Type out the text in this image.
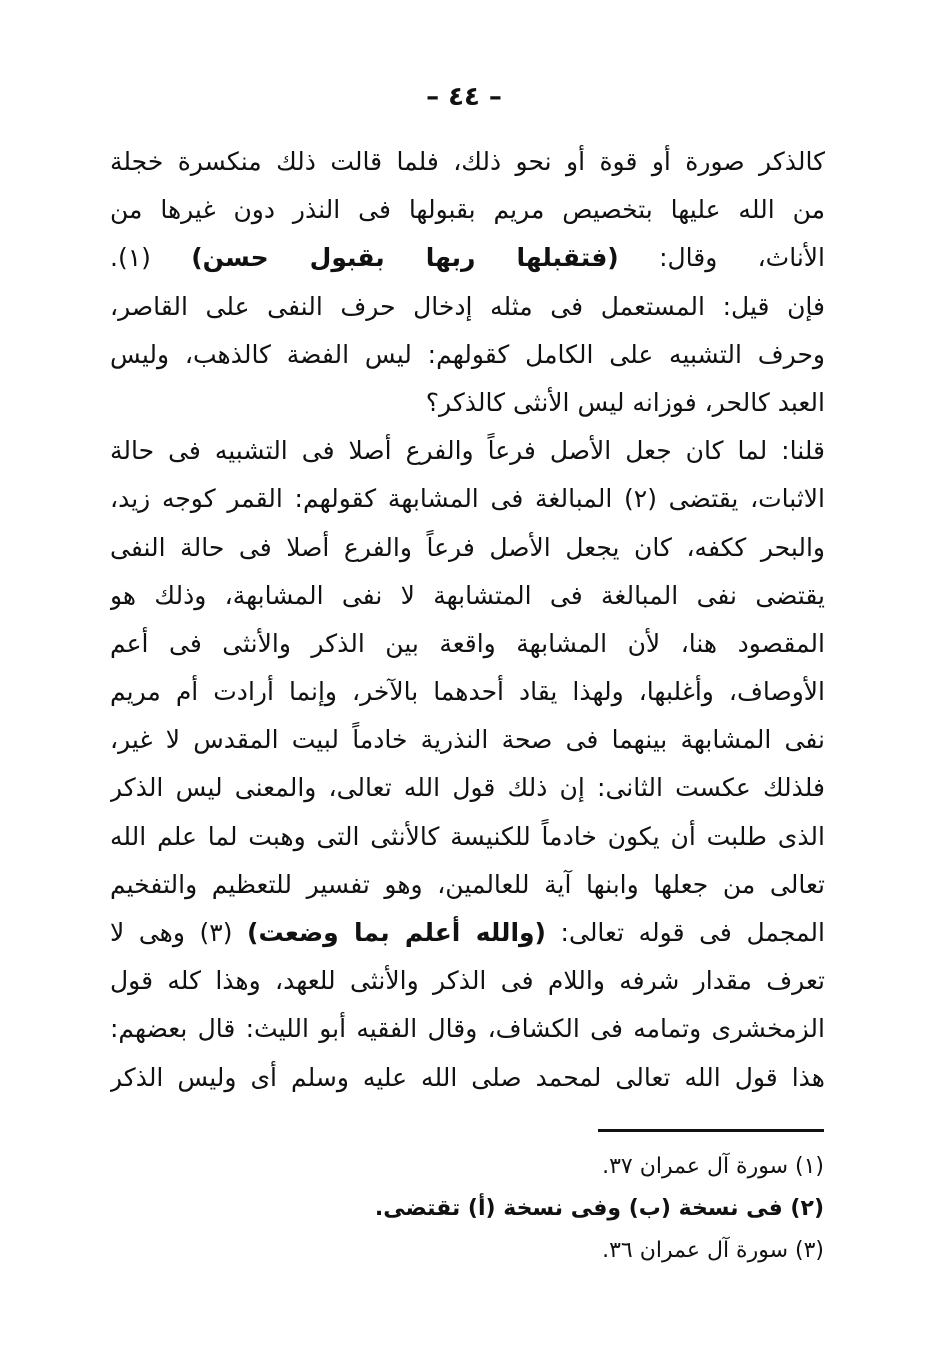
– ٤٤ –
كالذكر صورة أو قوة أو نحو ذلك، فلما قالت ذلك منكسرة خجلة
من الله عليها بتخصيص مريم بقبولها فى النذر دون غيرها من
الأناث، وقال: (فتقبلها ربها بقبول حسن) (١).
فإن قيل: المستعمل فى مثله إدخال حرف النفى على القاصر،
وحرف التشبيه على الكامل كقولهم: ليس الفضة كالذهب، وليس
العبد كالحر، فوزانه ليس الأنثى كالذكر؟
قلنا: لما كان جعل الأصل فرعاً والفرع أصلا فى التشبيه فى حالة
الاثبات، يقتضى (٢) المبالغة فى المشابهة كقولهم: القمر كوجه زيد،
والبحر ككفه، كان يجعل الأصل فرعاً والفرع أصلا فى حالة النفى
يقتضى نفى المبالغة فى المتشابهة لا نفى المشابهة، وذلك هو
المقصود هنا، لأن المشابهة واقعة بين الذكر والأنثى فى أعم
الأوصاف، وأغلبها، ولهذا يقاد أحدهما بالآخر، وإنما أرادت أم مريم
نفى المشابهة بينهما فى صحة النذرية خادماً لبيت المقدس لا غير،
فلذلك عكست الثانى: إن ذلك قول الله تعالى، والمعنى ليس الذكر
الذى طلبت أن يكون خادماً للكنيسة كالأنثى التى وهبت لما علم الله
تعالى من جعلها وابنها آية للعالمين، وهو تفسير للتعظيم والتفخيم
المجمل فى قوله تعالى: (والله أعلم بما وضعت) (٣) وهى لا
تعرف مقدار شرفه واللام فى الذكر والأنثى للعهد، وهذا كله قول
الزمخشرى وتمامه فى الكشاف، وقال الفقيه أبو الليث: قال بعضهم:
هذا قول الله تعالى لمحمد صلى الله عليه وسلم أى وليس الذكر
(١) سورة آل عمران ٣٧.
(٢) فى نسخة (ب) وفى نسخة (أ) تقتضى.
(٣) سورة آل عمران ٣٦.
